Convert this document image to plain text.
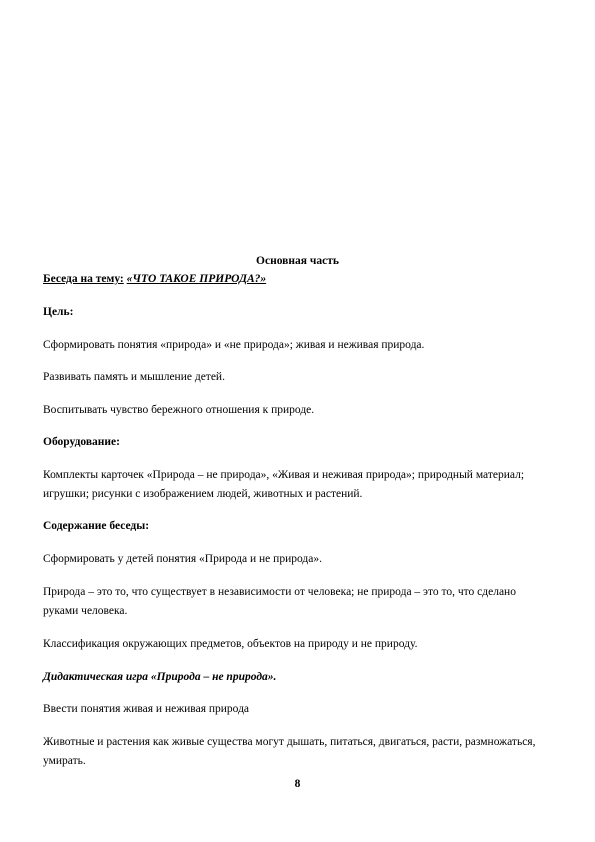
Основная часть
Беседа на тему: «ЧТО ТАКОЕ ПРИРОДА?»
Цель:
Сформировать понятия «природа» и «не природа»; живая и неживая природа.
Развивать память и мышление детей.
Воспитывать чувство бережного отношения к природе.
Оборудование:
Комплекты карточек «Природа – не природа», «Живая и неживая природа»; природный материал;
игрушки; рисунки с изображением людей, животных и растений.
Содержание беседы:
Сформировать у детей понятия «Природа и не природа».
Природа – это то, что существует в независимости от человека; не природа – это то, что сделано
руками человека.
Классификация окружающих предметов, объектов на природу и не природу.
Дидактическая игра «Природа – не природа».
Ввести понятия живая и неживая природа
Животные и растения как живые существа могут дышать, питаться, двигаться, расти, размножаться,
умирать.
8
